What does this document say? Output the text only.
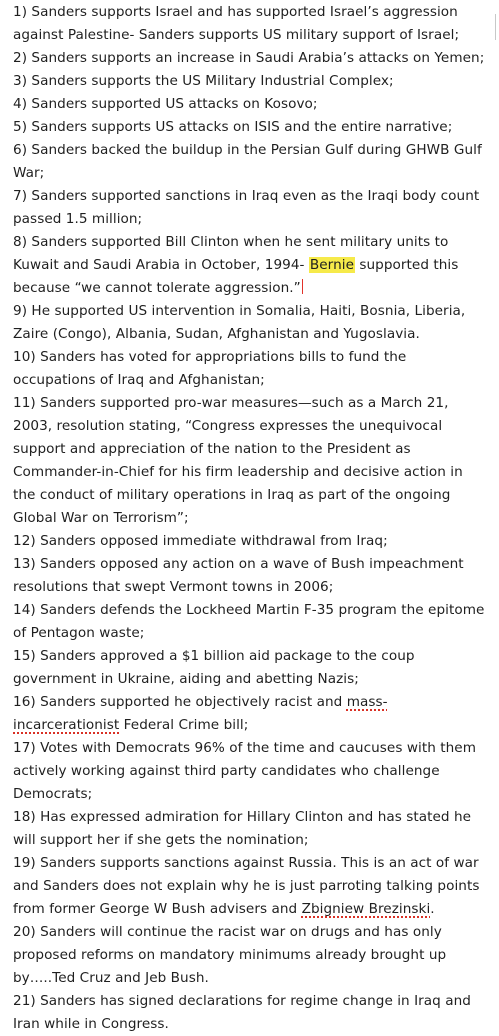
1) Sanders supports Israel and has supported Israel’s aggression against Palestine- Sanders supports US military support of Israel;

2) Sanders supports an increase in Saudi Arabia’s attacks on Yemen;

3) Sanders supports the US Military Industrial Complex;

4) Sanders supported US attacks on Kosovo;

5) Sanders supports US attacks on ISIS and the entire narrative;

6) Sanders backed the buildup in the Persian Gulf during GHWB Gulf War;

7) Sanders supported sanctions in Iraq even as the Iraqi body count passed 1.5 million;

8) Sanders supported Bill Clinton when he sent military units to Kuwait and Saudi Arabia in October, 1994- Bernie supported this because “we cannot tolerate aggression.”

9) He supported US intervention in Somalia, Haiti, Bosnia, Liberia, Zaire (Congo), Albania, Sudan, Afghanistan and Yugoslavia.

10) Sanders has voted for appropriations bills to fund the occupations of Iraq and Afghanistan;

11) Sanders supported pro-war measures—such as a March 21, 2003, resolution stating, “Congress expresses the unequivocal support and appreciation of the nation to the President as Commander-in-Chief for his firm leadership and decisive action in the conduct of military operations in Iraq as part of the ongoing Global War on Terrorism”;

12) Sanders opposed immediate withdrawal from Iraq;

13) Sanders opposed any action on a wave of Bush impeachment resolutions that swept Vermont towns in 2006;

14) Sanders defends the Lockheed Martin F-35 program the epitome of Pentagon waste;

15) Sanders approved a $1 billion aid package to the coup government in Ukraine, aiding and abetting Nazis;

16) Sanders supported he objectively racist and mass-incarcerationist Federal Crime bill;

17) Votes with Democrats 96% of the time and caucuses with them actively working against third party candidates who challenge Democrats;

18) Has expressed admiration for Hillary Clinton and has stated he will support her if she gets the nomination;

19) Sanders supports sanctions against Russia. This is an act of war and Sanders does not explain why he is just parroting talking points from former George W Bush advisers and Zbigniew Brezinski.

20) Sanders will continue the racist war on drugs and has only proposed reforms on mandatory minimums already brought up by…..Ted Cruz and Jeb Bush.

21) Sanders has signed declarations for regime change in Iraq and Iran while in Congress.
